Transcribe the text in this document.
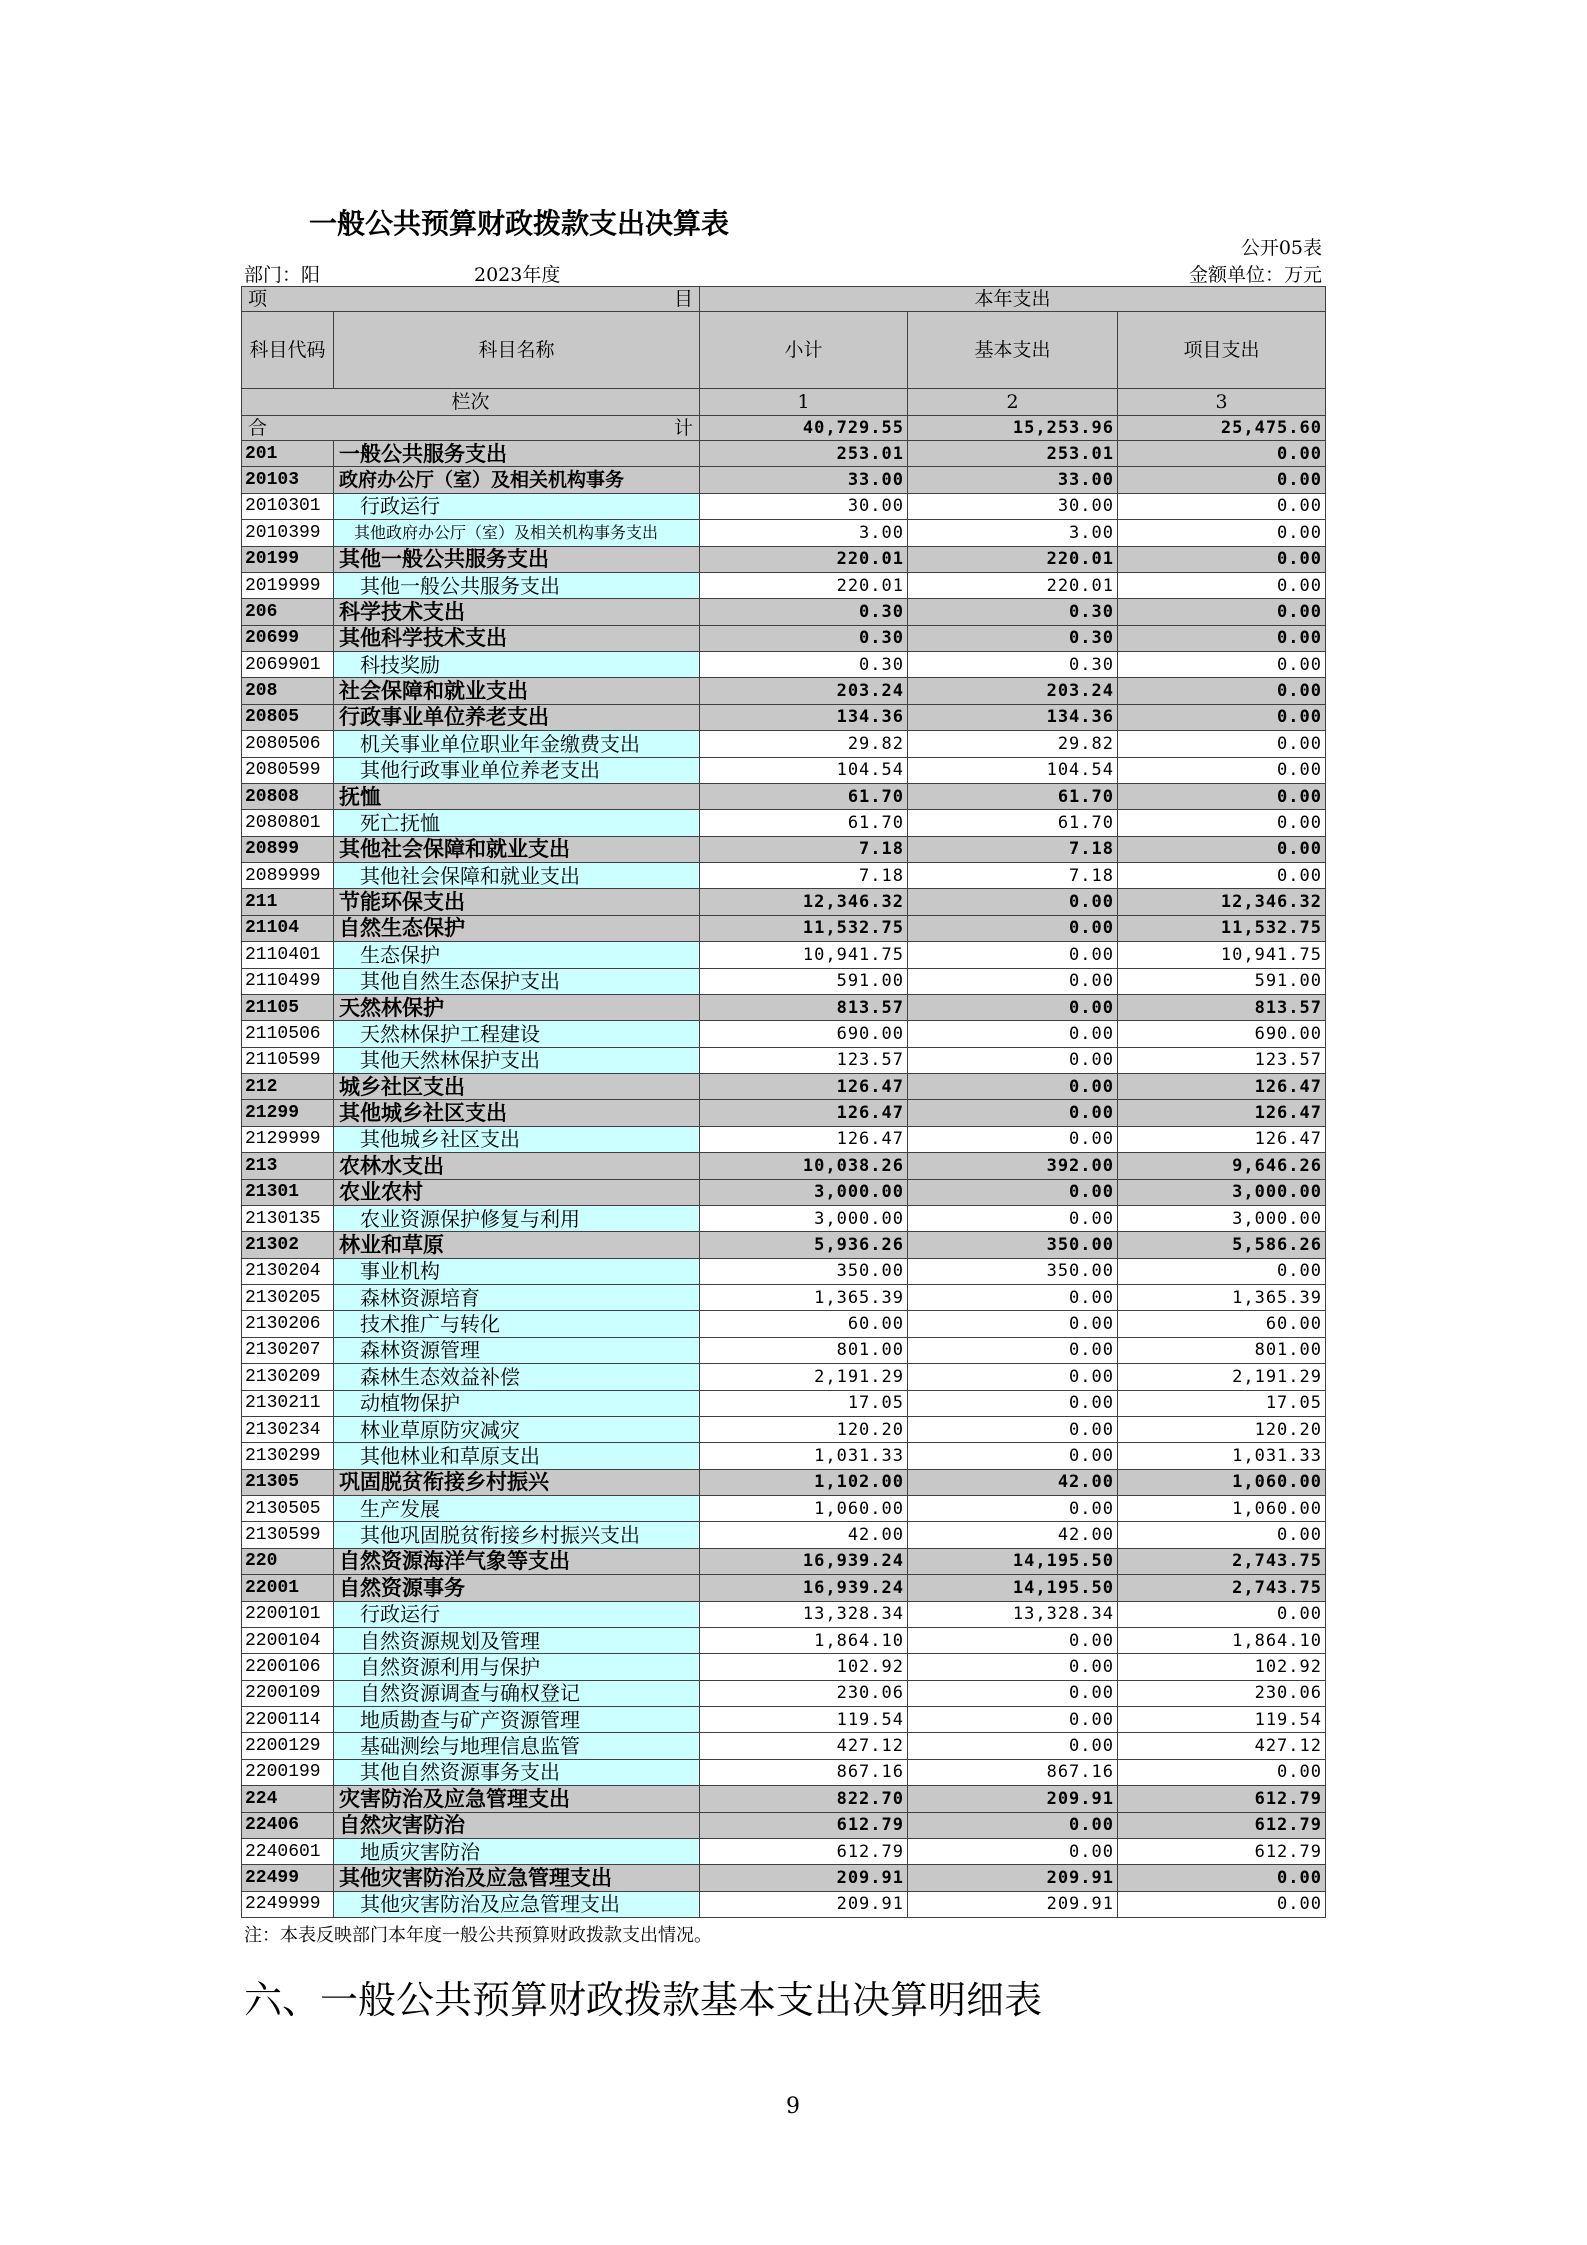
一般公共预算财政拨款支出决算表
公开05表
部门：阳	2023年度	金额单位：万元
项 目		本年支出		
科目代码	科目名称	小计	基本支出	项目支出
栏次		1	2	3

合 计		40,729.55	15,253.96	25,475.60
201	一般公共服务支出	253.01	253.01	0.00
20103	政府办公厅（室）及相关机构事务	33.00	33.00	0.00
2010301	行政运行	30.00	30.00	0.00
2010399	其他政府办公厅（室）及相关机构事务支出	3.00	3.00	0.00
20199	其他一般公共服务支出	220.01	220.01	0.00
2019999	其他一般公共服务支出	220.01	220.01	0.00
206	科学技术支出	0.30	0.30	0.00
20699	其他科学技术支出	0.30	0.30	0.00
2069901	科技奖励	0.30	0.30	0.00
208	社会保障和就业支出	203.24	203.24	0.00
20805	行政事业单位养老支出	134.36	134.36	0.00
2080506	机关事业单位职业年金缴费支出	29.82	29.82	0.00
2080599	其他行政事业单位养老支出	104.54	104.54	0.00
20808	抚恤	61.70	61.70	0.00
2080801	死亡抚恤	61.70	61.70	0.00
20899	其他社会保障和就业支出	7.18	7.18	0.00
2089999	其他社会保障和就业支出	7.18	7.18	0.00
211	节能环保支出	12,346.32	0.00	12,346.32
21104	自然生态保护	11,532.75	0.00	11,532.75
2110401	生态保护	10,941.75	0.00	10,941.75
2110499	其他自然生态保护支出	591.00	0.00	591.00
21105	天然林保护	813.57	0.00	813.57
2110506	天然林保护工程建设	690.00	0.00	690.00
2110599	其他天然林保护支出	123.57	0.00	123.57
212	城乡社区支出	126.47	0.00	126.47
21299	其他城乡社区支出	126.47	0.00	126.47
2129999	其他城乡社区支出	126.47	0.00	126.47
213	农林水支出	10,038.26	392.00	9,646.26
21301	农业农村	3,000.00	0.00	3,000.00
2130135	农业资源保护修复与利用	3,000.00	0.00	3,000.00
21302	林业和草原	5,936.26	350.00	5,586.26
2130204	事业机构	350.00	350.00	0.00
2130205	森林资源培育	1,365.39	0.00	1,365.39
2130206	技术推广与转化	60.00	0.00	60.00
2130207	森林资源管理	801.00	0.00	801.00
2130209	森林生态效益补偿	2,191.29	0.00	2,191.29
2130211	动植物保护	17.05	0.00	17.05
2130234	林业草原防灾减灾	120.20	0.00	120.20
2130299	其他林业和草原支出	1,031.33	0.00	1,031.33
21305	巩固脱贫衔接乡村振兴	1,102.00	42.00	1,060.00
2130505	生产发展	1,060.00	0.00	1,060.00
2130599	其他巩固脱贫衔接乡村振兴支出	42.00	42.00	0.00
220	自然资源海洋气象等支出	16,939.24	14,195.50	2,743.75
22001	自然资源事务	16,939.24	14,195.50	2,743.75
2200101	行政运行	13,328.34	13,328.34	0.00
2200104	自然资源规划及管理	1,864.10	0.00	1,864.10
2200106	自然资源利用与保护	102.92	0.00	102.92
2200109	自然资源调查与确权登记	230.06	0.00	230.06
2200114	地质勘查与矿产资源管理	119.54	0.00	119.54
2200129	基础测绘与地理信息监管	427.12	0.00	427.12
2200199	其他自然资源事务支出	867.16	867.16	0.00
224	灾害防治及应急管理支出	822.70	209.91	612.79
22406	自然灾害防治	612.79	0.00	612.79
2240601	地质灾害防治	612.79	0.00	612.79
22499	其他灾害防治及应急管理支出	209.91	209.91	0.00
2249999	其他灾害防治及应急管理支出	209.91	209.91	0.00
注：本表反映部门本年度一般公共预算财政拨款支出情况。
六、一般公共预算财政拨款基本支出决算明细表
9
